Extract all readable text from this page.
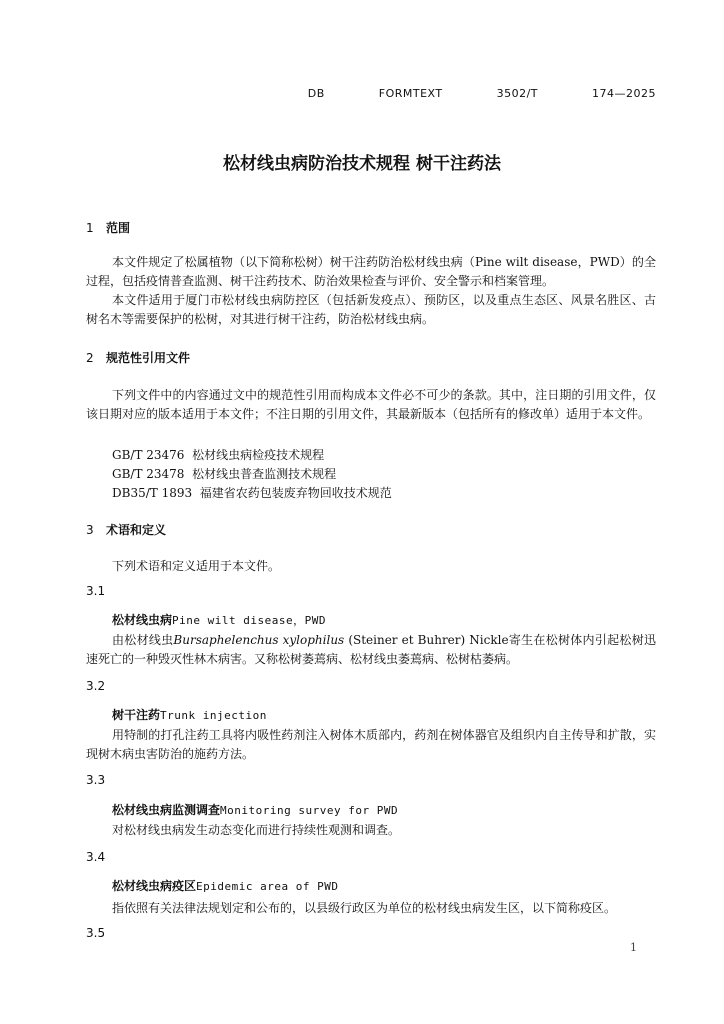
DB   FORMTEXT   3502/T   174—2025
松材线虫病防治技术规程 树干注药法
1 范围
本文件规定了松属植物（以下简称松树）树干注药防治松材线虫病（Pine wilt disease，PWD）的全过程，包括疫情普查监测、树干注药技术、防治效果检查与评价、安全警示和档案管理。
本文件适用于厦门市松材线虫病防控区（包括新发疫点）、预防区，以及重点生态区、风景名胜区、古树名木等需要保护的松树，对其进行树干注药，防治松材线虫病。
2 规范性引用文件
下列文件中的内容通过文中的规范性引用而构成本文件必不可少的条款。其中，注日期的引用文件，仅该日期对应的版本适用于本文件；不注日期的引用文件，其最新版本（包括所有的修改单）适用于本文件。
GB/T 23476  松材线虫病检疫技术规程
GB/T 23478  松材线虫普查监测技术规程
DB35/T 1893  福建省农药包装废弃物回收技术规范
3 术语和定义
下列术语和定义适用于本文件。
3.1
松材线虫病Pine wilt disease，PWD
由松材线虫Bursaphelenchus xylophilus (Steiner et Buhrer) Nickle寄生在松树体内引起松树迅速死亡的一种毁灭性林木病害。又称松树萎蔫病、松材线虫萎蔫病、松树枯萎病。
3.2
树干注药Trunk injection
用特制的打孔注药工具将内吸性药剂注入树体木质部内，药剂在树体器官及组织内自主传导和扩散，实现树木病虫害防治的施药方法。
3.3
松材线虫病监测调查Monitoring survey for PWD
对松材线虫病发生动态变化而进行持续性观测和调查。
3.4
松材线虫病疫区Epidemic area of PWD
指依照有关法律法规划定和公布的，以县级行政区为单位的松材线虫病发生区，以下简称疫区。
3.5
1
